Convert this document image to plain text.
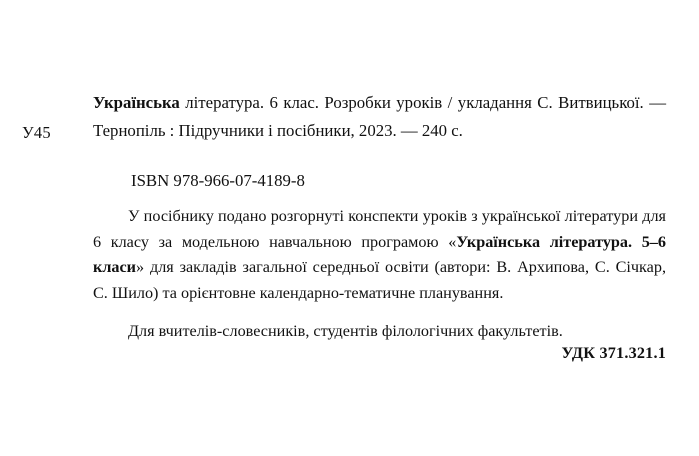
У45
Українська література. 6 клас. Розробки уроків / укладання С. Витвицької. — Тернопіль : Підручники і посібники, 2023. — 240 с.
ISBN 978-966-07-4189-8

У посібнику подано розгорнуті конспекти уроків з української літератури для 6 класу за модельною навчальною програмою «Українська література. 5–6 класи» для закладів загальної середньої освіти (автори: В. Архипова, С. Січкар, С. Шило) та орієнтовне календарно-тематичне планування.

Для вчителів-словесників, студентів філологічних факультетів.

УДК 371.321.1
